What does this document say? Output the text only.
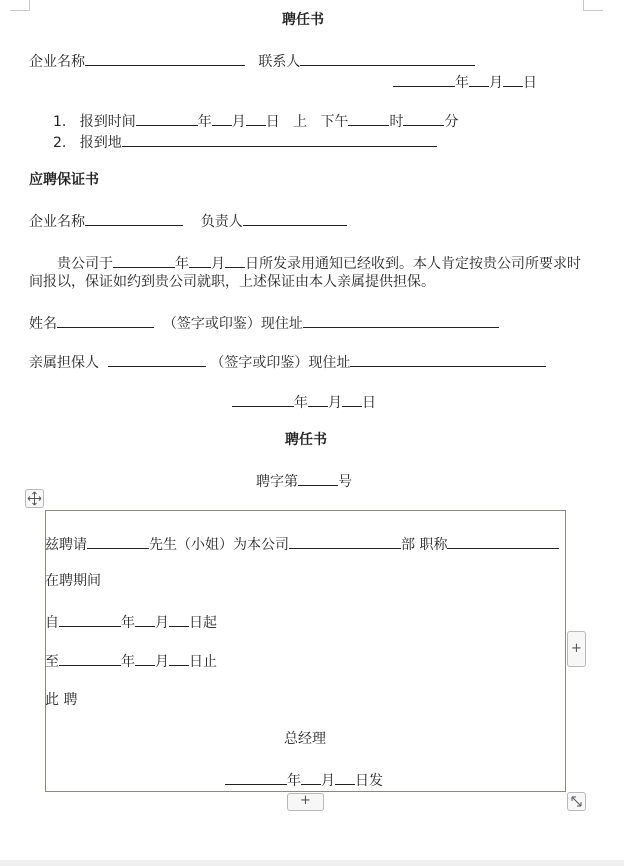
聘任书
企业名称	联系人
年 月 日
1. 报到时间	年 月 日 上 下午	时	分
2. 报到地
应聘保证书
企业名称	负责人
贵公司于	年 月 日所发录用通知已经收到。本人肯定按贵公司所要求时
间报以，保证如约到贵公司就职，上述保证由本人亲属提供担保。
姓名	（签字或印鉴）现住址
亲属担保人	（签字或印鉴）现住址
年 月 日
聘任书
聘字第	号
兹聘请	先生（小姐）为本公司	部 职称
在聘期间
自	年 月 日起
至	年 月 日止
此 聘
总经理
年 月 日发
+
+
